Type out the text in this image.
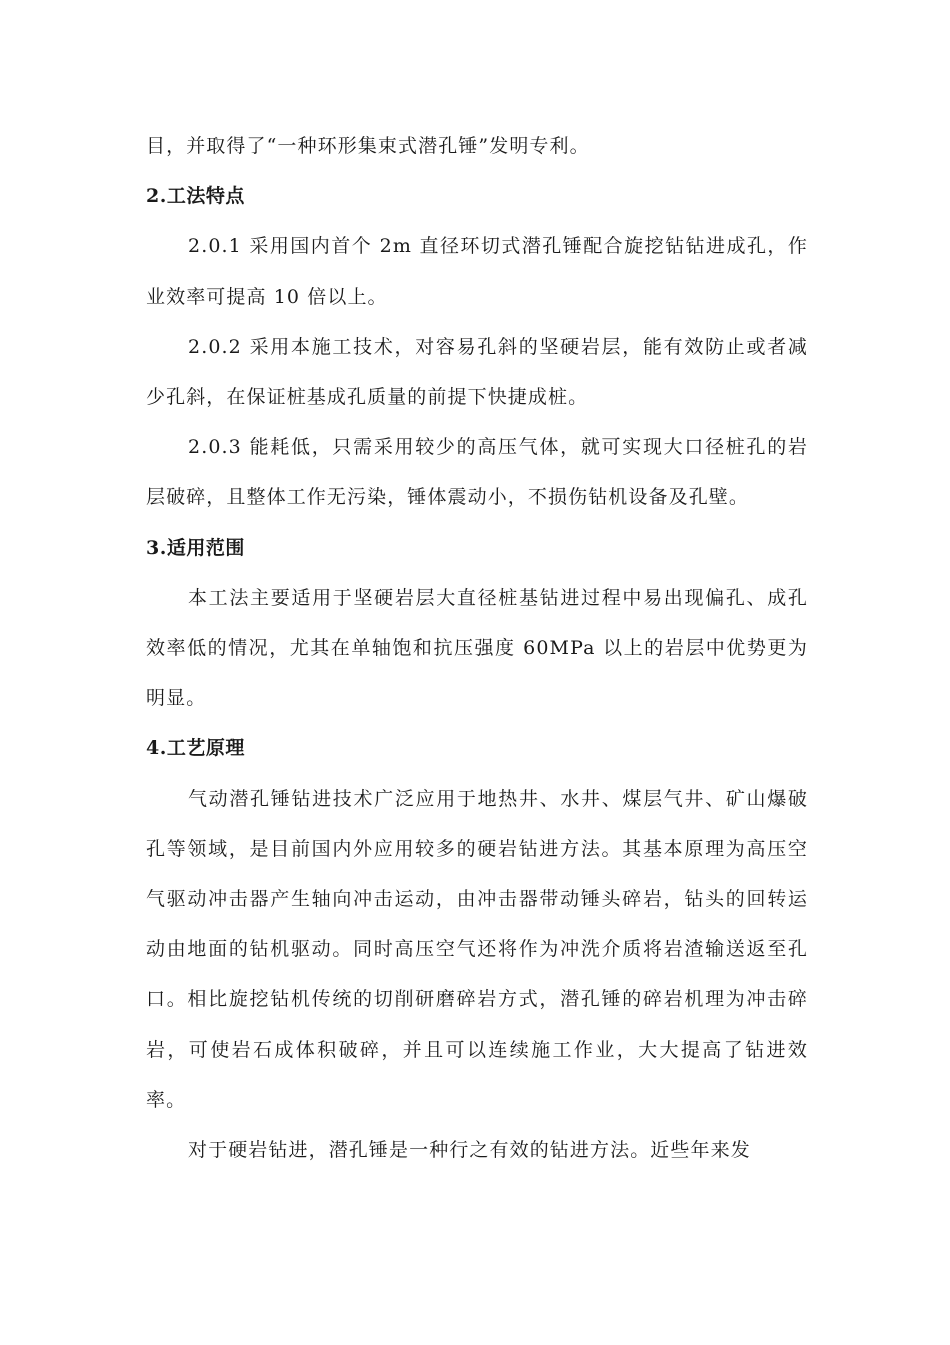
目，并取得了“一种环形集束式潜孔锤”发明专利。

2.工法特点

2.0.1 采用国内首个 2m 直径环切式潜孔锤配合旋挖钻钻进成孔，作业效率可提高 10 倍以上。

2.0.2 采用本施工技术，对容易孔斜的坚硬岩层，能有效防止或者减少孔斜，在保证桩基成孔质量的前提下快捷成桩。

2.0.3 能耗低，只需采用较少的高压气体，就可实现大口径桩孔的岩层破碎，且整体工作无污染，锤体震动小，不损伤钻机设备及孔壁。

3.适用范围

本工法主要适用于坚硬岩层大直径桩基钻进过程中易出现偏孔、成孔效率低的情况，尤其在单轴饱和抗压强度 60MPa 以上的岩层中优势更为明显。

4.工艺原理

气动潜孔锤钻进技术广泛应用于地热井、水井、煤层气井、矿山爆破孔等领域，是目前国内外应用较多的硬岩钻进方法。其基本原理为高压空气驱动冲击器产生轴向冲击运动，由冲击器带动锤头碎岩，钻头的回转运动由地面的钻机驱动。同时高压空气还将作为冲洗介质将岩渣输送返至孔口。相比旋挖钻机传统的切削研磨碎岩方式，潜孔锤的碎岩机理为冲击碎岩，可使岩石成体积破碎，并且可以连续施工作业，大大提高了钻进效率。

对于硬岩钻进，潜孔锤是一种行之有效的钻进方法。近些年来发
